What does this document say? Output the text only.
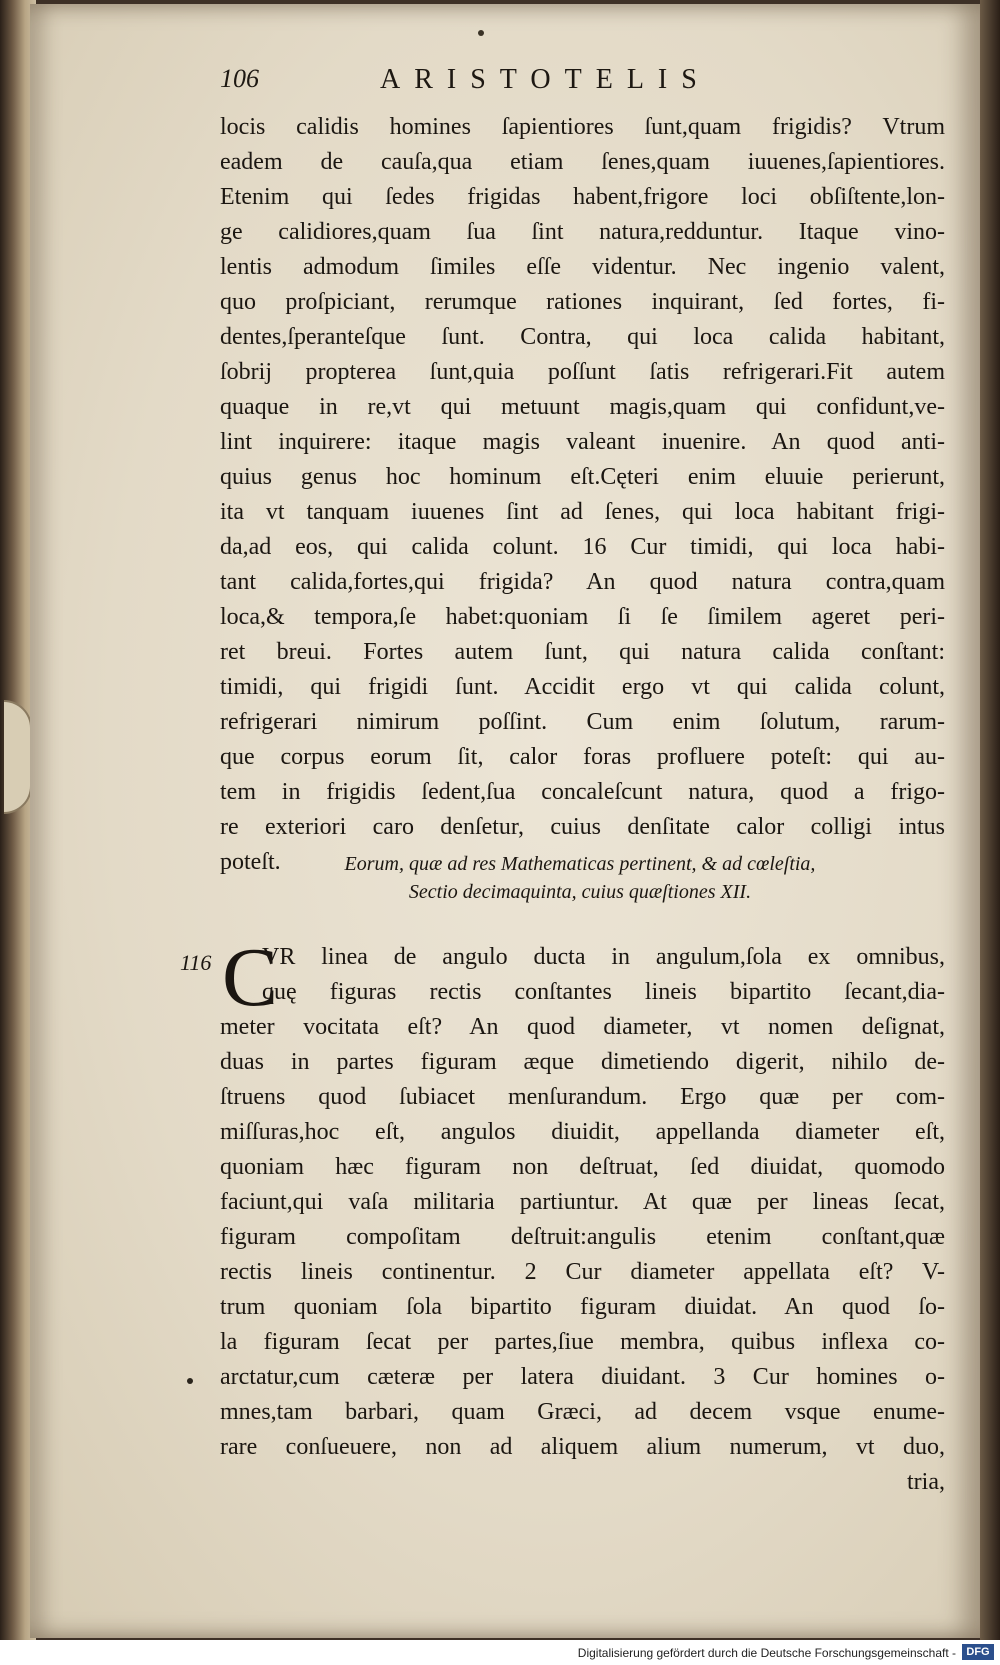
106	ARISTOTELIS
locis calidis homines ſapientiores ſunt,quam frigidis? Vtrum
eadem de cauſa,qua etiam ſenes,quam iuuenes,ſapientiores.
Etenim qui ſedes frigidas habent,frigore loci obſiſtente,lon-
ge calidiores,quam ſua ſint natura,redduntur. Itaque vino-
lentis admodum ſimiles eſſe videntur. Nec ingenio valent,
quo proſpiciant, rerumque rationes inquirant, ſed fortes, fi-
dentes,ſperanteſque ſunt. Contra, qui loca calida habitant,
ſobrij propterea ſunt,quia poſſunt ſatis refrigerari.Fit autem
quaque in re,vt qui metuunt magis,quam qui confidunt,ve-
lint inquirere: itaque magis valeant inuenire. An quod anti-
quius genus hoc hominum eſt.Cęteri enim eluuie perierunt,
ita vt tanquam iuuenes ſint ad ſenes, qui loca habitant frigi-
da,ad eos, qui calida colunt. 16 Cur timidi, qui loca habi-
tant calida,fortes,qui frigida? An quod natura contra,quam
loca,& tempora,ſe habet:quoniam ſi ſe ſimilem ageret peri-
ret breui. Fortes autem ſunt, qui natura calida conſtant:
timidi, qui frigidi ſunt. Accidit ergo vt qui calida colunt,
refrigerari nimirum poſſint. Cum enim ſolutum, rarum-
que corpus eorum ſit, calor foras profluere poteſt: qui au-
tem in frigidis ſedent,ſua concaleſcunt natura, quod a frigo-
re exteriori caro denſetur, cuius denſitate calor colligi intus
poteſt.	Eorum, quæ ad res Mathematicas pertinent, & ad cœleſtia,
Sectio decimaquinta, cuius quæſtiones XII.
116 C
VR linea de angulo ducta in angulum,ſola ex omnibus,
quę figuras rectis conſtantes lineis bipartito ſecant,dia-
meter vocitata eſt? An quod diameter, vt nomen deſignat,
duas in partes figuram æque dimetiendo digerit, nihilo de-
ſtruens quod ſubiacet menſurandum. Ergo quæ per com-
miſſuras,hoc eſt, angulos diuidit, appellanda diameter eſt,
quoniam hæc figuram non deſtruat, ſed diuidat, quomodo
faciunt,qui vaſa militaria partiuntur. At quæ per lineas ſecat,
figuram compoſitam deſtruit:angulis etenim conſtant,quæ
rectis lineis continentur. 2 Cur diameter appellata eſt? V-
trum quoniam ſola bipartito figuram diuidat. An quod ſo-
la figuram ſecat per partes,ſiue membra, quibus inflexa co-
arctatur,cum cæteræ per latera diuidant. 3 Cur homines o-
mnes,tam barbari, quam Græci, ad decem vsque enume-
rare conſueuere, non ad aliquem alium numerum, vt duo,
tria,
Digitalisierung gefördert durch die Deutsche Forschungsgemeinschaft - DFG
